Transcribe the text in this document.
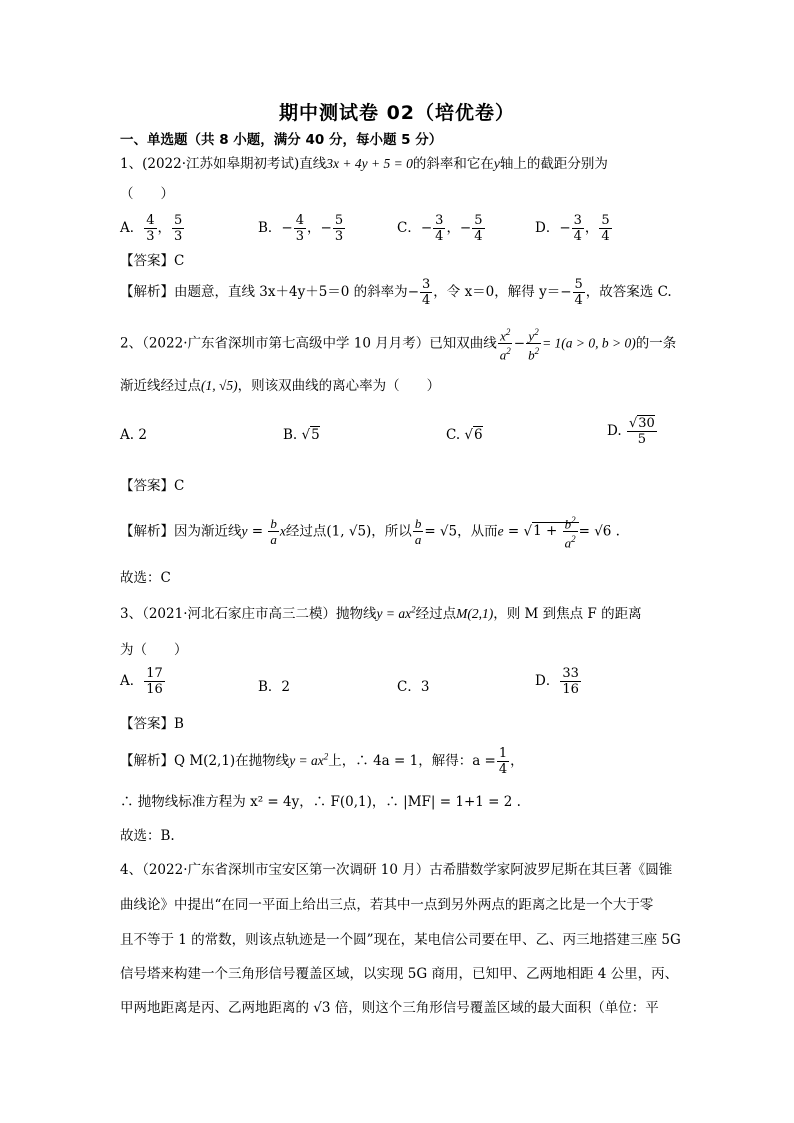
期中测试卷 02（培优卷）
一、单选题（共 8 小题，满分 40 分，每小题 5 分）
1、(2022·江苏如皋期初考试)直线3x + 4y + 5 = 0的斜率和它在y轴上的截距分别为
（　　）
A． $\frac{4}{3}$ ， $\frac{5}{3}$	B．− $\frac{4}{3}$ ，− $\frac{5}{3}$	C．− $\frac{3}{4}$ ，− $\frac{5}{4}$	D．− $\frac{3}{4}$ ， $\frac{5}{4}$
【答案】C
【解析】由题意，直线 3x＋4y＋5＝0 的斜率为− $\frac{3}{4}$ ，令 x＝0，解得 $y=- \frac{5}{4}$ ，故答案选 C.
2、（2022·广东省深圳市第七高级中学 10 月月考）已知双曲线 $\frac{x^2}{a^2} - \frac{y^2}{b^2} = 1(a > 0$, b > 0)的一条
渐近线经过点(1, √5)，则该双曲线的离心率为（　　）
A. 2	B. √5	C. √6	D. $\frac{√30}{5}$
【答案】C
【解析】因为渐近线$y = \frac{b}{a}$ x经过点(1, √5)，所以 $\frac{b}{a} = √5$，从而$e = √1 + \frac{b^2}{a^2} = √6$ .
故选：C
3、（2021·河北石家庄市高三二模）抛物线$y = ax^2$经过点M(2,1)，则 M 到焦点 F 的距离
为（　　）
A． $\frac{17}{16}$	B．2	C．3	D． $\frac{33}{16}$
【答案】B
【解析】Q M(2,1)在抛物线$y = ax^2$上，∴ 4a = 1，解得：$a = \frac{1}{4}$ ，
∴ 抛物线标准方程为 x² = 4y，∴ F(0,1)，∴ |MF| = 1+1 = 2 .
故选：B.
4、（2022·广东省深圳市宝安区第一次调研 10 月）古希腊数学家阿波罗尼斯在其巨著《圆锥
曲线论》中提出“在同一平面上给出三点，若其中一点到另外两点的距离之比是一个大于零
且不等于 1 的常数，则该点轨迹是一个圆”现在，某电信公司要在甲、乙、丙三地搭建三座 5G
信号塔来构建一个三角形信号覆盖区域，以实现 5G 商用，已知甲、乙两地相距 4 公里，丙、
甲两地距离是丙、乙两地距离的 √3 倍，则这个三角形信号覆盖区域的最大面积（单位：平
